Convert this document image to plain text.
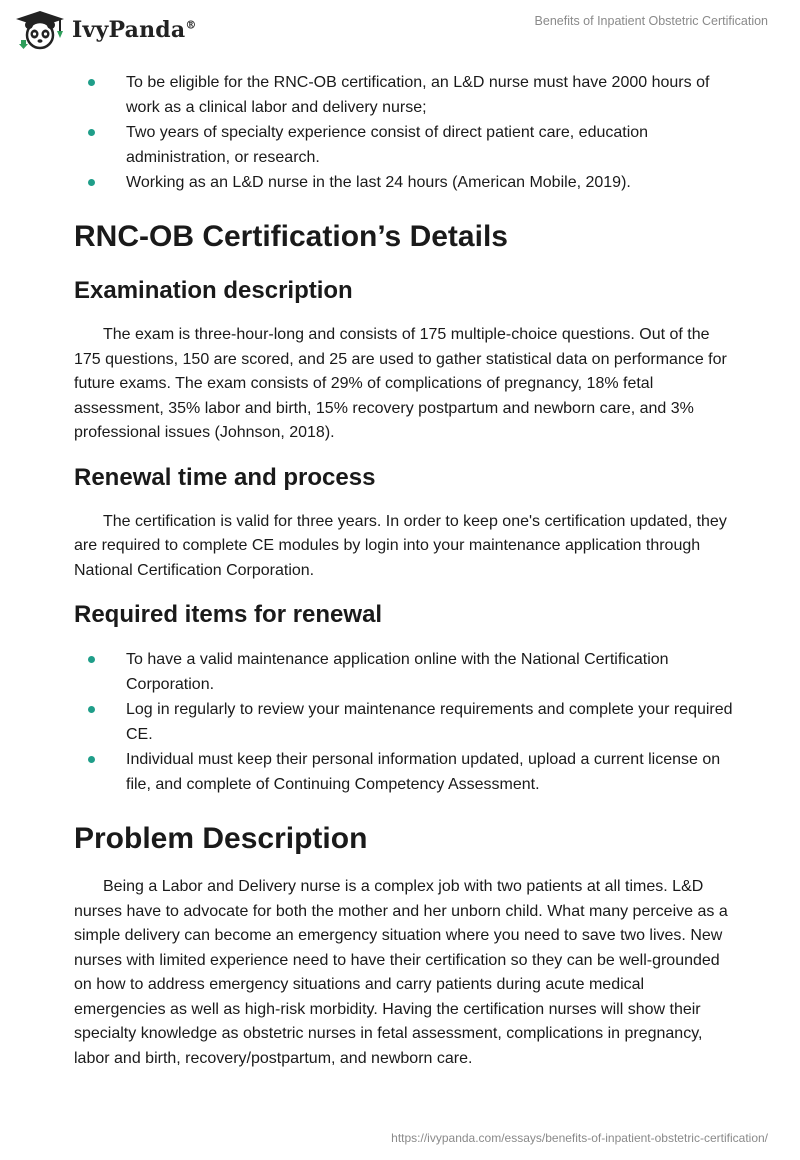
IvyPanda®	Benefits of Inpatient Obstetric Certification
To be eligible for the RNC-OB certification, an L&D nurse must have 2000 hours of work as a clinical labor and delivery nurse;
Two years of specialty experience consist of direct patient care, education administration, or research.
Working as an L&D nurse in the last 24 hours (American Mobile, 2019).
RNC-OB Certification’s Details
Examination description

The exam is three-hour-long and consists of 175 multiple-choice questions. Out of the 175 questions, 150 are scored, and 25 are used to gather statistical data on performance for future exams. The exam consists of 29% of complications of pregnancy, 18% fetal assessment, 35% labor and birth, 15% recovery postpartum and newborn care, and 3% professional issues (Johnson, 2018).

Renewal time and process

The certification is valid for three years. In order to keep one's certification updated, they are required to complete CE modules by login into your maintenance application through National Certification Corporation.

Required items for renewal
To have a valid maintenance application online with the National Certification Corporation.
Log in regularly to review your maintenance requirements and complete your required CE.
Individual must keep their personal information updated, upload a current license on file, and complete of Continuing Competency Assessment.
Problem Description

Being a Labor and Delivery nurse is a complex job with two patients at all times. L&D nurses have to advocate for both the mother and her unborn child. What many perceive as a simple delivery can become an emergency situation where you need to save two lives. New nurses with limited experience need to have their certification so they can be well-grounded on how to address emergency situations and carry patients during acute medical emergencies as well as high-risk morbidity. Having the certification nurses will show their specialty knowledge as obstetric nurses in fetal assessment, complications in pregnancy, labor and birth, recovery/postpartum, and newborn care.

https://ivypanda.com/essays/benefits-of-inpatient-obstetric-certification/
